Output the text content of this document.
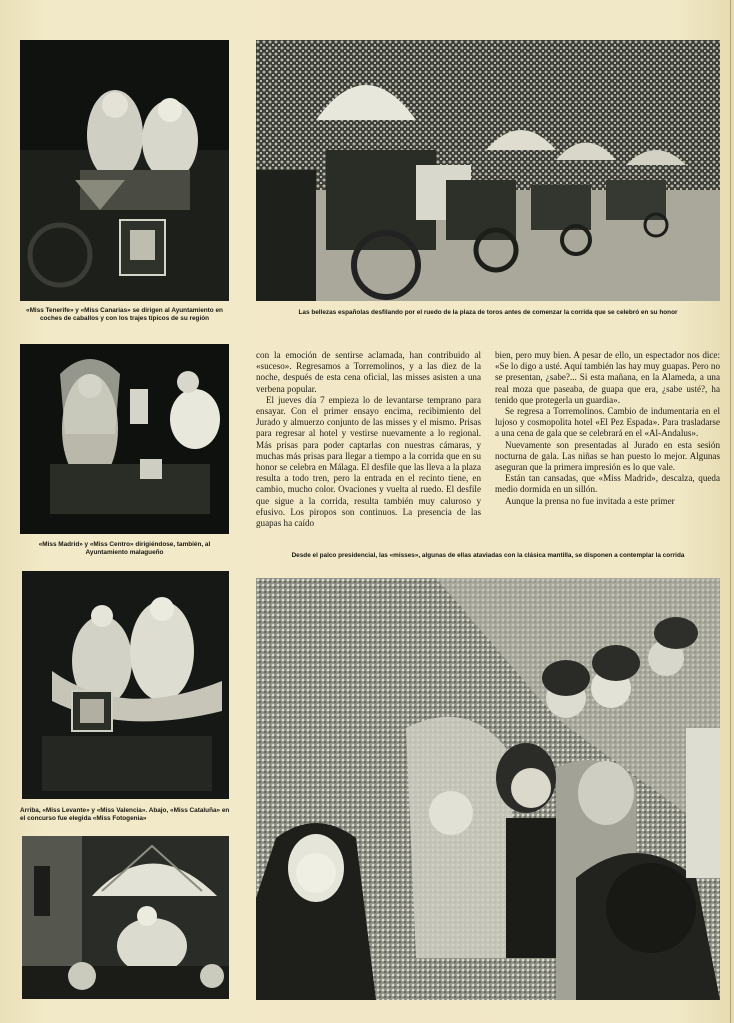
«Miss Tenerife» y «Miss Canarias» se dirigen al Ayuntamiento en coches de caballos y con los trajes típicos de su región
Las bellezas españolas desfilando por el ruedo de la plaza de toros antes de comenzar la corrida que se celebró en su honor
«Miss Madrid» y «Miss Centro» dirigiéndose, también, al Ayuntamiento malagueño

con la emoción de sentirse aclamada, han contribuido al «suceso». Regresamos a Torremolinos, y a las diez de la noche, después de esta cena oficial, las misses asisten a una verbena popular.

El jueves día 7 empieza lo de levantarse temprano para ensayar. Con el primer ensayo encima, recibimiento del Jurado y almuerzo conjunto de las misses y el mismo. Prisas para regresar al hotel y vestirse nuevamente a lo regional. Más prisas para poder captarlas con nuestras cámaras, y muchas más prisas para llegar a tiempo a la corrida que en su honor se celebra en Málaga. El desfile que las lleva a la plaza resulta a todo tren, pero la entrada en el recinto tiene, en cambio, mucho color. Ovaciones y vuelta al ruedo. El desfile que sigue a la corrida, resulta también muy caluroso y efusivo. Los piropos son continuos. La presencia de las guapas ha caído

bien, pero muy bien. A pesar de ello, un espectador nos dice: «Se lo digo a usté. Aquí también las hay muy guapas. Pero no se presentan, ¿sabe?... Si esta mañana, en la Alameda, a una real moza que paseaba, de guapa que era, ¿sabe usté?, ha tenido que protegerla un guardia».

Se regresa a Torremolinos. Cambio de indumentaria en el lujoso y cosmopolita hotel «El Pez Espada». Para trasladarse a una cena de gala que se celebrará en el «Al-Andalus».

Nuevamente son presentadas al Jurado en esta sesión nocturna de gala. Las niñas se han puesto lo mejor. Algunas aseguran que la primera impresión es lo que vale.

Están tan cansadas, que «Miss Madrid», descalza, queda medio dormida en un sillón.

Aunque la prensa no fue invitada a este primer

Desde el palco presidencial, las «misses», algunas de ellas ataviadas con la clásica mantilla, se disponen a contemplar la corrida
Arriba, «Miss Levante» y «Miss Valencia». Abajo, «Miss Cataluña» en el concurso fue elegida «Miss Fotogenia»
